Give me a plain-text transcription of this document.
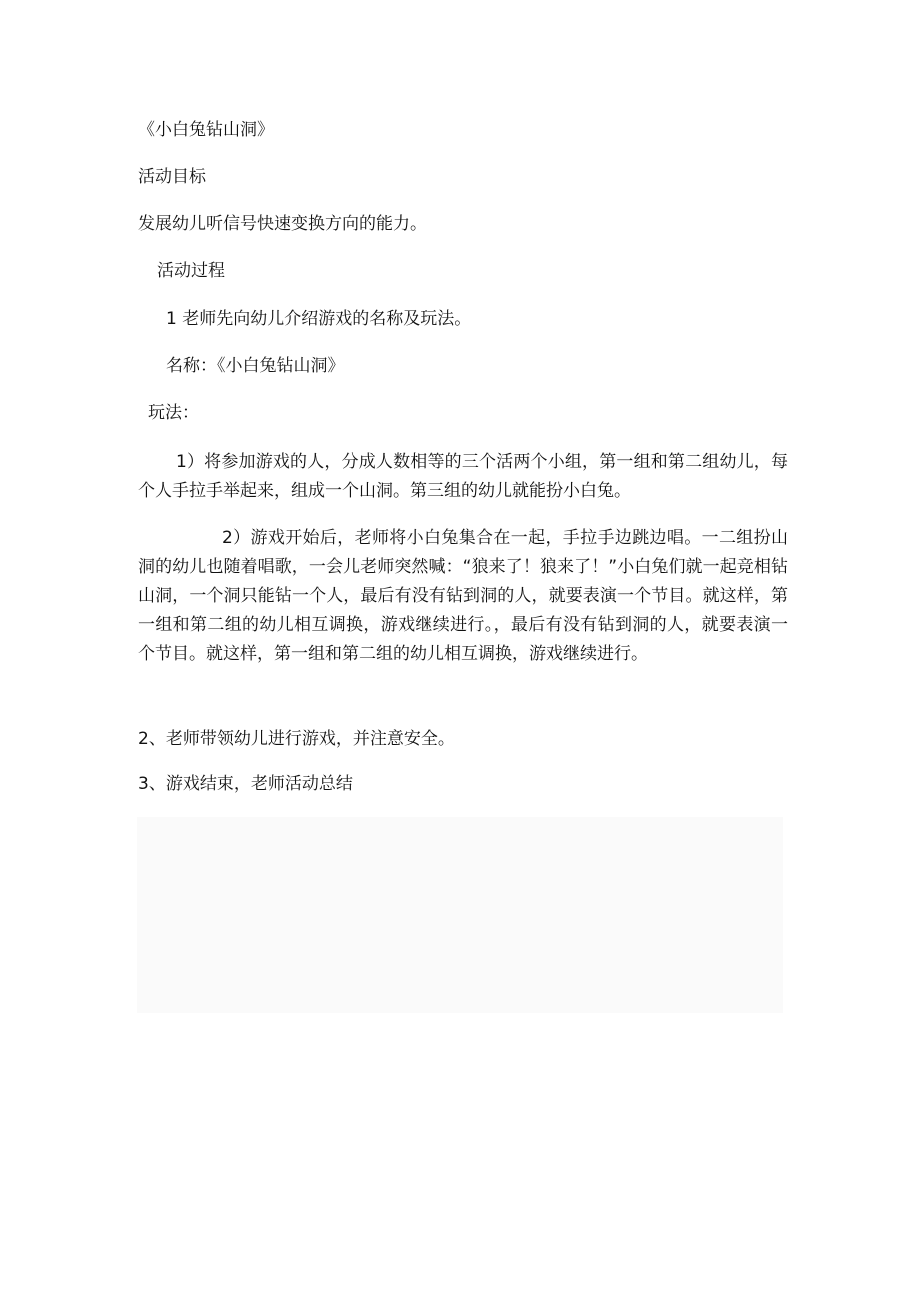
《小白兔钻山洞》
活动目标
发展幼儿听信号快速变换方向的能力。
活动过程
1 老师先向幼儿介绍游戏的名称及玩法。
名称：《小白兔钻山洞》
玩法：
1）将参加游戏的人，分成人数相等的三个活两个小组，第一组和第二组幼儿，每个人手拉手举起来，组成一个山洞。第三组的幼儿就能扮小白兔。
2）游戏开始后，老师将小白兔集合在一起，手拉手边跳边唱。一二组扮山洞的幼儿也随着唱歌，一会儿老师突然喊：“狼来了！狼来了！”小白兔们就一起竞相钻山洞，一个洞只能钻一个人，最后有没有钻到洞的人，就要表演一个节目。就这样，第一组和第二组的幼儿相互调换，游戏继续进行。，最后有没有钻到洞的人，就要表演一个节目。就这样，第一组和第二组的幼儿相互调换，游戏继续进行。
2、老师带领幼儿进行游戏，并注意安全。
3、游戏结束，老师活动总结
